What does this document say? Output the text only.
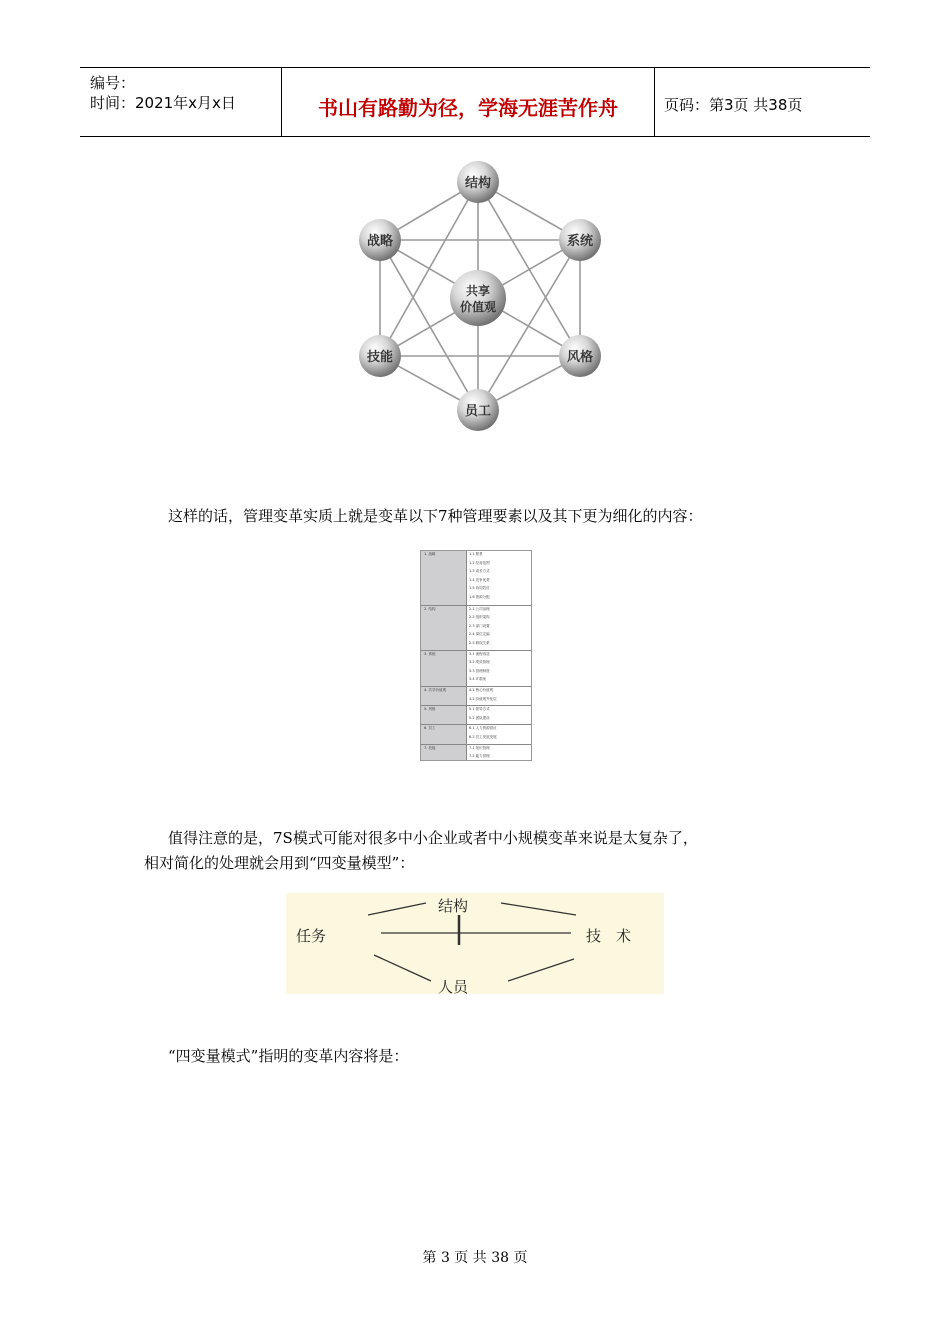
编号：
时间：2021年x月x日	书山有路勤为径，学海无涯苦作舟	页码：第3页 共38页
结构
战略	系统
共享
价值观
技能	风格
员工
这样的话，管理变革实质上就是变革以下7种管理要素以及其下更为细化的内容：
1. 战略	1.1 愿景
1.2 经营范围
1.3 成长方式
1.4 竞争优势
1.5 协同效应
1.6 资源分配
2. 结构	2.1 公司治理
2.2 组织架构
2.3 部门设置
2.4 岗位定编
2.5 职权关系
3. 系统	3.1 流程再造
3.2 绩效管理
3.3 管理制度
3.4 IT系统
4. 共享价值观	4.1 核心价值观
4.2 价值观外化层
5. 风格	5.1 领导方式
5.2 团队建设
6. 员工	6.1 人力资源供应
6.2 员工发展发展
7. 技能	7.1 知识管理
7.2 能力管理
值得注意的是，7S模式可能对很多中小企业或者中小规模变革来说是太复杂了，
相对简化的处理就会用到“四变量模型”：
结构
任务	技　术
人员
“四变量模式”指明的变革内容将是：
第 3 页 共 38 页
